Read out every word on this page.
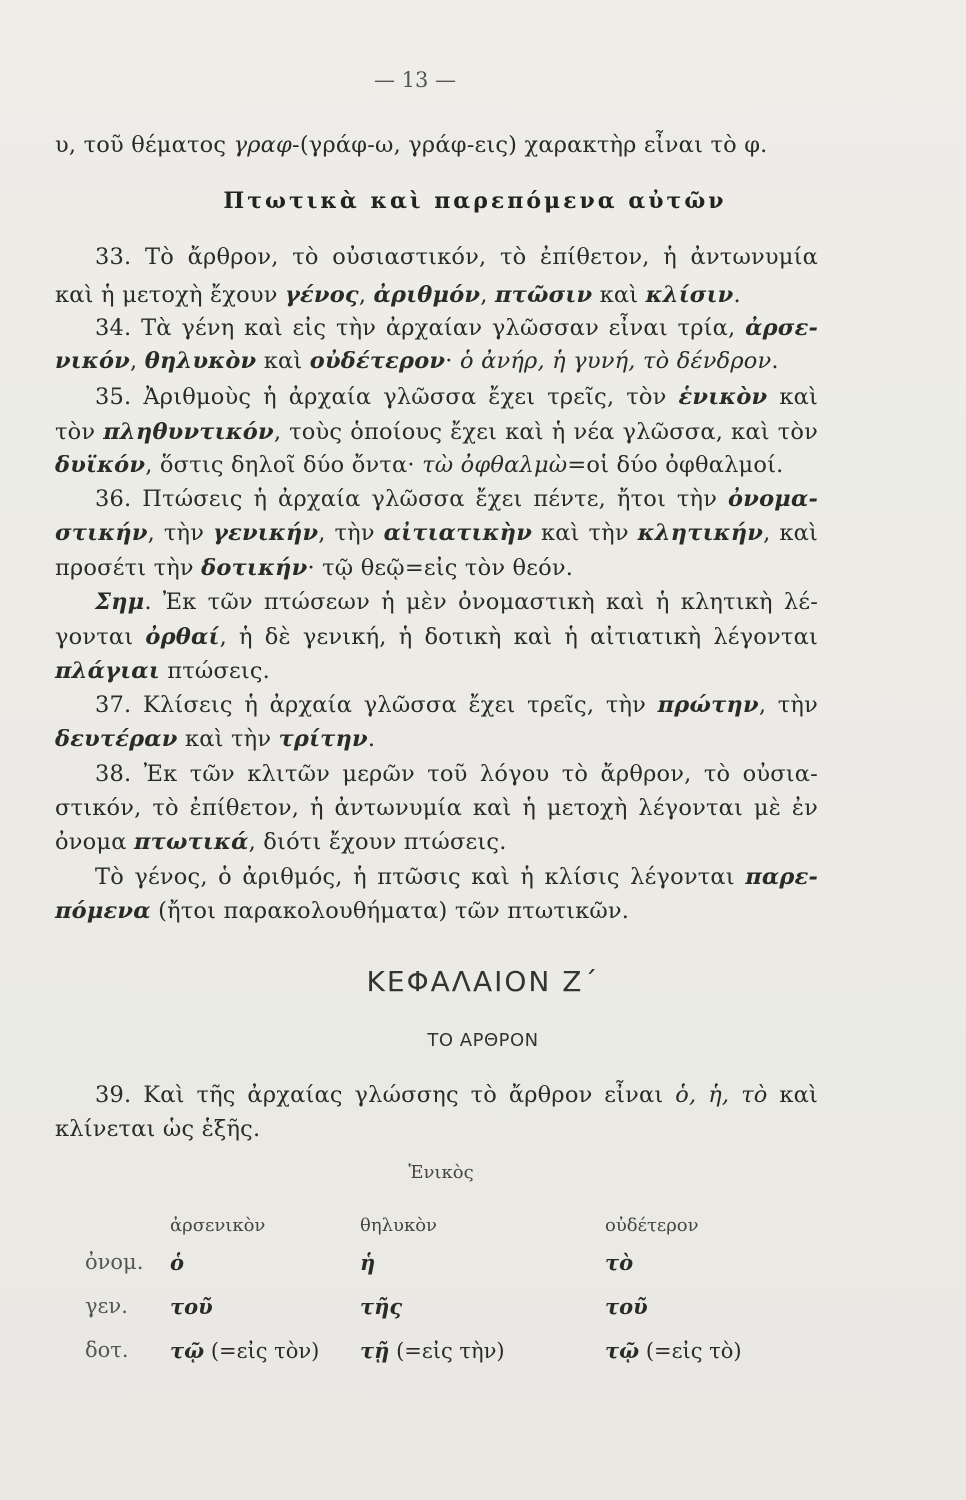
— 13 —
υ, τοῦ θέματος γραφ-(γράφ-ω, γράφ-εις) χαρακτὴρ εἶναι τὸ φ.
Πτωτικὰ καὶ παρεπόμενα αὐτῶν
33. Τὸ ἄρθρον, τὸ οὐσιαστικόν, τὸ ἐπίθετον, ἡ ἀντωνυμία
καὶ ἡ μετοχὴ ἔχουν γένος, ἀριθμόν, πτῶσιν καὶ κλίσιν.
34. Τὰ γένη καὶ εἰς τὴν ἀρχαίαν γλῶσσαν εἶναι τρία, ἀρσε-
νικόν, θηλυκὸν καὶ οὐδέτερον· ὁ ἀνήρ, ἡ γυνή, τὸ δένδρον.
35. Ἀριθμοὺς ἡ ἀρχαία γλῶσσα ἔχει τρεῖς, τὸν ἑνικὸν καὶ
τὸν πληθυντικόν, τοὺς ὁποίους ἔχει καὶ ἡ νέα γλῶσσα, καὶ τὸν
δυϊκόν, ὅστις δηλοῖ δύο ὄντα· τὼ ὀφθαλμὼ=οἱ δύο ὀφθαλμοί.
36. Πτώσεις ἡ ἀρχαία γλῶσσα ἔχει πέντε, ἤτοι τὴν ὀνομα-
στικήν, τὴν γενικήν, τὴν αἰτιατικὴν καὶ τὴν κλητικήν, καὶ
προσέτι τὴν δοτικήν· τῷ θεῷ=εἰς τὸν θεόν.
Σημ. Ἐκ τῶν πτώσεων ἡ μὲν ὀνομαστικὴ καὶ ἡ κλητικὴ λέ-
γονται ὀρθαί, ἡ δὲ γενική, ἡ δοτικὴ καὶ ἡ αἰτιατικὴ λέγονται
πλάγιαι πτώσεις.
37. Κλίσεις ἡ ἀρχαία γλῶσσα ἔχει τρεῖς, τὴν πρώτην, τὴν
δευτέραν καὶ τὴν τρίτην.
38. Ἐκ τῶν κλιτῶν μερῶν τοῦ λόγου τὸ ἄρθρον, τὸ οὐσια-
στικόν, τὸ ἐπίθετον, ἡ ἀντωνυμία καὶ ἡ μετοχὴ λέγονται μὲ ἐν
ὀνομα πτωτικά, διότι ἔχουν πτώσεις.
Τὸ γένος, ὁ ἀριθμός, ἡ πτῶσις καὶ ἡ κλίσις λέγονται παρε-
πόμενα (ἤτοι παρακολουθήματα) τῶν πτωτικῶν.
ΚΕΦΑΛΑΙΟΝ Ζ΄
ΤΟ ΑΡΘΡΟΝ
39. Καὶ τῆς ἀρχαίας γλώσσης τὸ ἄρθρον εἶναι ὁ, ἡ, τὸ καὶ
κλίνεται ὡς ἑξῆς.
Ἑνικὸς
	ἀρσενικὸν	θηλυκὸν	οὐδέτερον
ὀνομ.	ὁ	ἡ	τὸ
γεν.	τοῦ	τῆς	τοῦ
δοτ.	τῷ (=εἰς τὸν)	τῇ (=εἰς τὴν)	τῷ (=εἰς τὸ)
